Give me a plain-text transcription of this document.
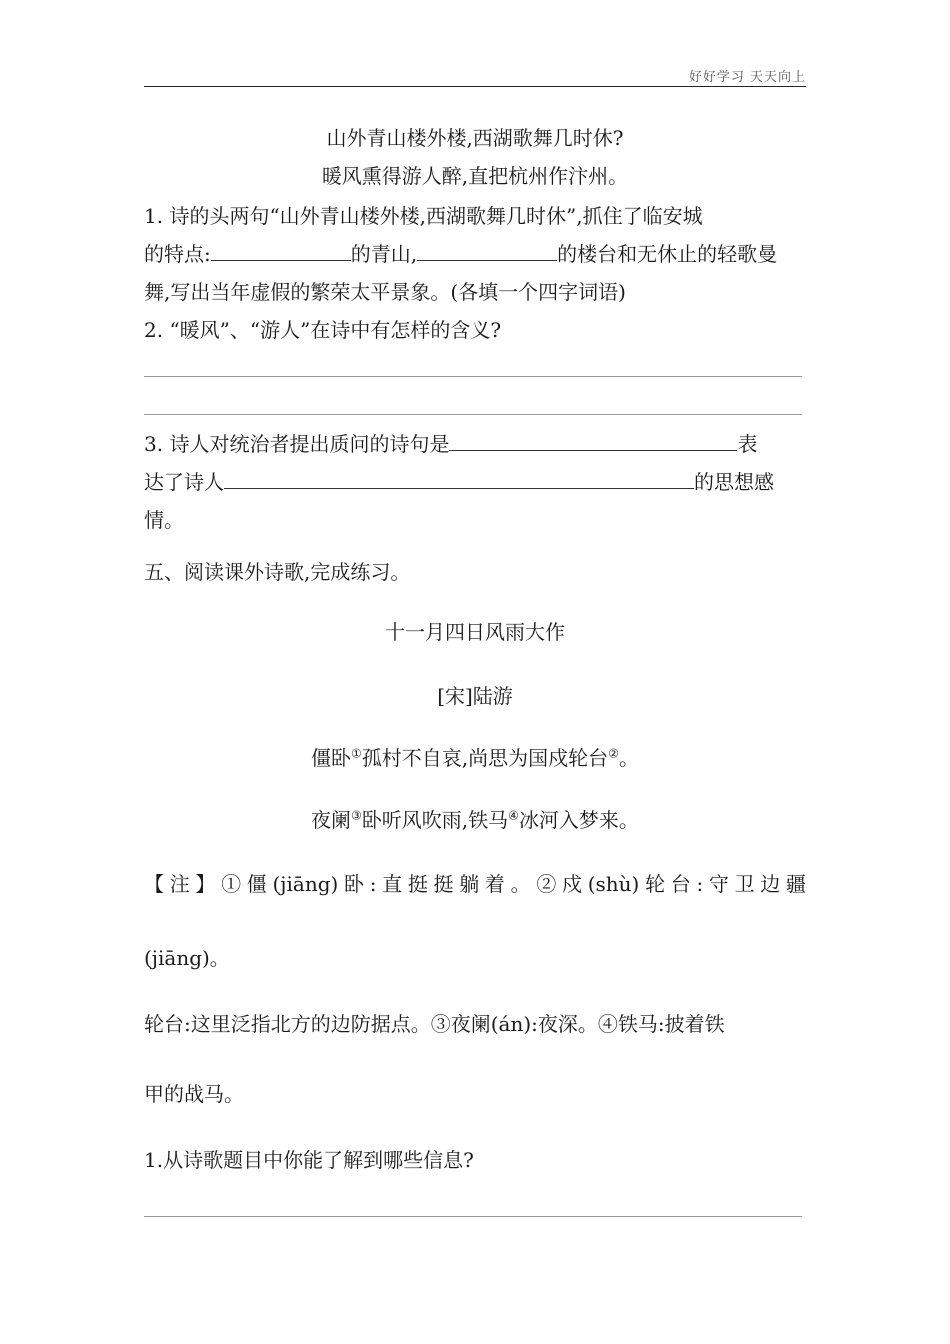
好好学习 天天向上
山外青山楼外楼,西湖歌舞几时休?
暖风熏得游人醉,直把杭州作汴州。
1. 诗的头两句“山外青山楼外楼,西湖歌舞几时休”,抓住了临安城
的特点:	的青山,	的楼台和无休止的轻歌曼
舞,写出当年虚假的繁荣太平景象。(各填一个四字词语)
2. “暖风”、“游人”在诗中有怎样的含义?
3. 诗人对统治者提出质问的诗句是	表
达了诗人	的思想感
情。
五、阅读课外诗歌,完成练习。
十一月四日风雨大作
[宋]陆游
僵卧①孤村不自哀,尚思为国戍轮台②。
夜阑③卧听风吹雨,铁马④冰河入梦来。
【注】①僵(jiāng)卧:直挺挺躺着。②戍(shù)轮台:守卫边疆
(jiāng)。
轮台:这里泛指北方的边防据点。③夜阑(án):夜深。④铁马:披着铁
甲的战马。
1.从诗歌题目中你能了解到哪些信息?
